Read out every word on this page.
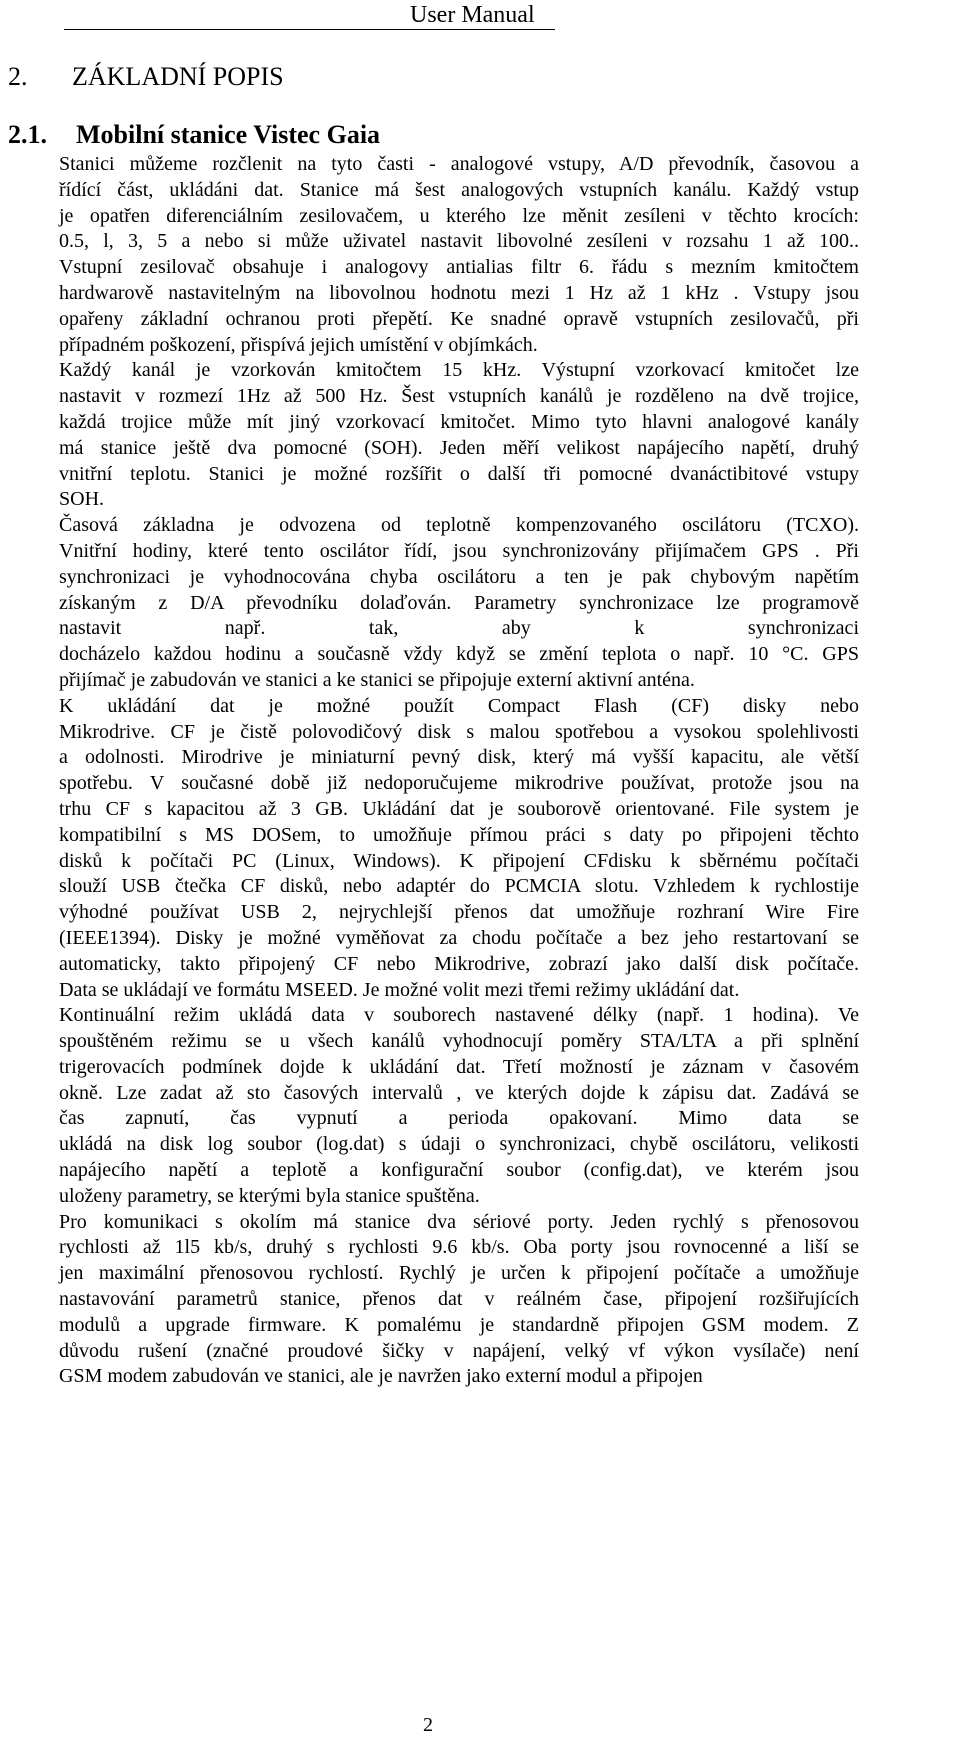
User Manual
2. ZÁKLADNÍ POPIS
2.1. Mobilní stanice Vistec Gaia

Stanici můžeme rozčlenit na tyto časti - analogové vstupy, A/D převodník, časovou a

řídící část, ukládáni dat. Stanice má šest analogových vstupních kanálu. Každý vstup

je opatřen diferenciálním zesilovačem, u kterého lze měnit zesíleni v těchto krocích:

0.5, l, 3, 5 a nebo si může uživatel nastavit libovolné zesíleni v rozsahu 1 až 100..

Vstupní zesilovač obsahuje i analogovy antialias filtr 6. řádu s mezním kmitočtem

hardwarově nastavitelným na libovolnou hodnotu mezi 1 Hz až 1 kHz . Vstupy jsou

opařeny základní ochranou proti přepětí. Ke snadné opravě vstupních zesilovačů, při

případném poškození, přispívá jejich umístění v objímkách.

Každý kanál je vzorkován kmitočtem 15 kHz. Výstupní vzorkovací kmitočet lze

nastavit v rozmezí 1Hz až 500 Hz. Šest vstupních kanálů je rozděleno na dvě trojice,

každá trojice může mít jiný vzorkovací kmitočet. Mimo tyto hlavni analogové kanály

má stanice ještě dva pomocné (SOH). Jeden měří velikost napájecího napětí, druhý

vnitřní teplotu. Stanici je možné rozšířit o další tři pomocné dvanáctibitové vstupy

SOH.

Časová základna je odvozena od teplotně kompenzovaného oscilátoru (TCXO).

Vnitřní hodiny, které tento oscilátor řídí, jsou synchronizovány přijímačem GPS . Při

synchronizaci je vyhodnocována chyba oscilátoru a ten je pak chybovým napětím

získaným z D/A převodníku dolaďován. Parametry synchronizace lze programově

nastavit např. tak, aby k synchronizaci

docházelo každou hodinu a současně vždy když se změní teplota o např. 10 °C. GPS

přijímač je zabudován ve stanici a ke stanici se připojuje externí aktivní anténa.

K ukládání dat je možné použít Compact Flash (CF) disky nebo

Mikrodrive. CF je čistě polovodičový disk s malou spotřebou a vysokou spolehlivosti

a odolnosti. Mirodrive je miniaturní pevný disk, který má vyšší kapacitu, ale větší

spotřebu. V současné době již nedoporučujeme mikrodrive používat, protože jsou na

trhu CF s kapacitou až 3 GB. Ukládání dat je souborově orientované. File system je

kompatibilní s MS DOSem, to umožňuje přímou práci s daty po připojeni těchto

disků k počítači PC (Linux, Windows). K připojení CFdisku k sběrnému počítači

slouží USB čtečka CF disků, nebo adaptér do PCMCIA slotu. Vzhledem k rychlostije

výhodné používat USB 2, nejrychlejší přenos dat umožňuje rozhraní Wire Fire

(IEEE1394). Disky je možné vyměňovat za chodu počítače a bez jeho restartovaní se

automaticky, takto připojený CF nebo Mikrodrive, zobrazí jako další disk počítače.

Data se ukládají ve formátu MSEED. Je možné volit mezi třemi režimy ukládání dat.

Kontinuální režim ukládá data v souborech nastavené délky (např. 1 hodina). Ve

spouštěném režimu se u všech kanálů vyhodnocují poměry STA/LTA a při splnění

trigerovacích podmínek dojde k ukládání dat. Třetí možností je záznam v časovém

okně. Lze zadat až sto časových intervalů , ve kterých dojde k zápisu dat. Zadává se

čas zapnutí, čas vypnutí a perioda opakovaní. Mimo data se

ukládá na disk log soubor (log.dat) s údaji o synchronizaci, chybě oscilátoru, velikosti

napájecího napětí a teplotě a konfigurační soubor (config.dat), ve kterém jsou

uloženy parametry, se kterými byla stanice spuštěna.

Pro komunikaci s okolím má stanice dva sériové porty. Jeden rychlý s přenosovou

rychlosti až 1l5 kb/s, druhý s rychlosti 9.6 kb/s. Oba porty jsou rovnocenné a liší se

jen maximální přenosovou rychlostí. Rychlý je určen k připojení počítače a umožňuje

nastavování parametrů stanice, přenos dat v reálném čase, připojení rozšiřujících

modulů a upgrade firmware. K pomalému je standardně připojen GSM modem. Z

důvodu rušení (značné proudové šičky v napájení, velký vf výkon vysílače) není

GSM modem zabudován ve stanici, ale je navržen jako externí modul a připojen

2
